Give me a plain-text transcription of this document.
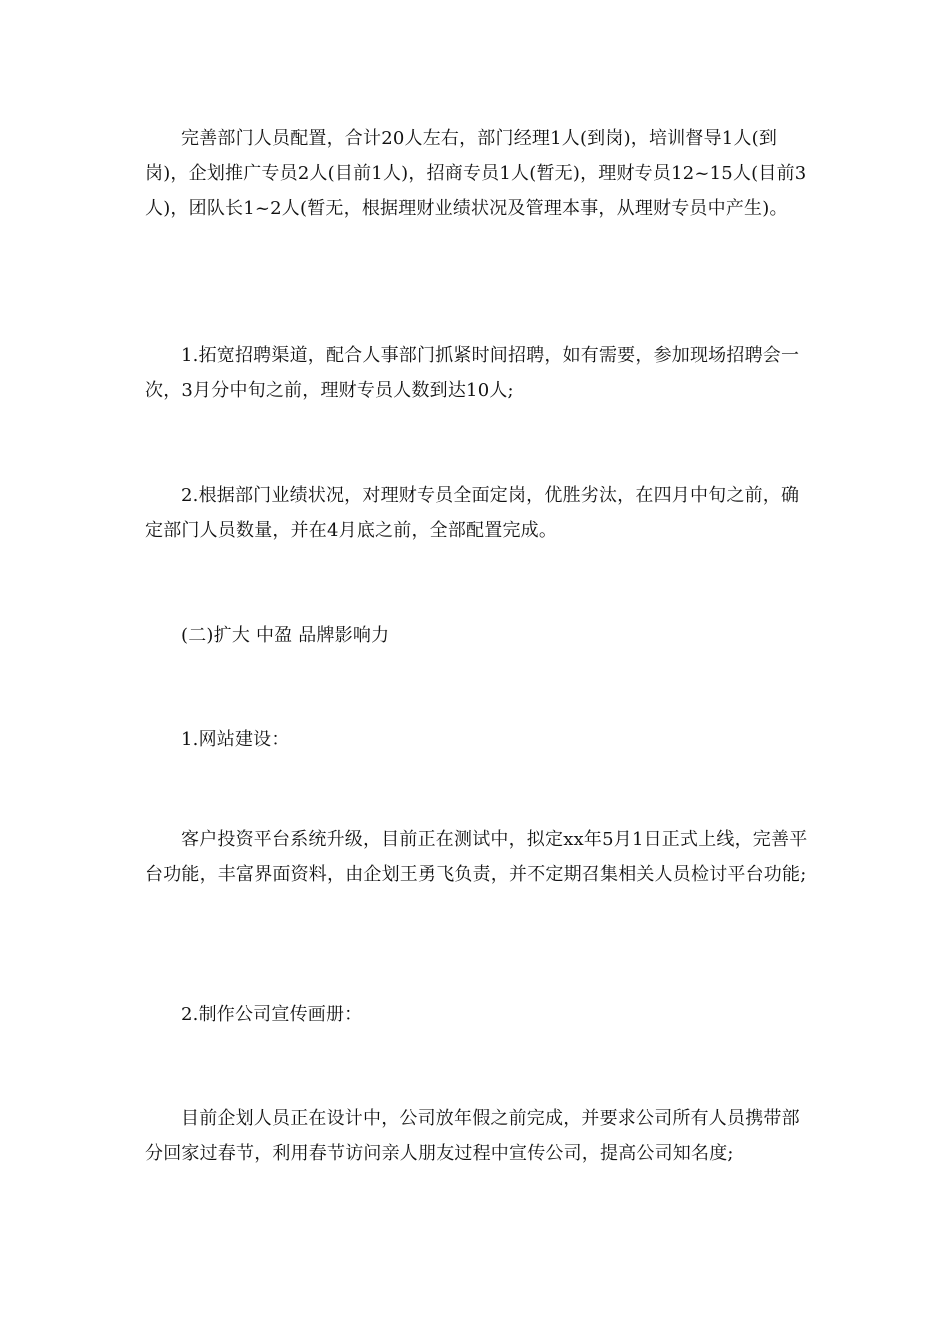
完善部门人员配置，合计20人左右，部门经理1人(到岗)，培训督导1人(到岗)，企划推广专员2人(目前1人)，招商专员1人(暂无)，理财专员12~15人(目前3人)，团队长1~2人(暂无，根据理财业绩状况及管理本事，从理财专员中产生)。

1.拓宽招聘渠道，配合人事部门抓紧时间招聘，如有需要，参加现场招聘会一次，3月分中旬之前，理财专员人数到达10人;

2.根据部门业绩状况，对理财专员全面定岗，优胜劣汰，在四月中旬之前，确定部门人员数量，并在4月底之前，全部配置完成。

(二)扩大 中盈 品牌影响力

1.网站建设：

客户投资平台系统升级，目前正在测试中，拟定xx年5月1日正式上线，完善平台功能，丰富界面资料，由企划王勇飞负责，并不定期召集相关人员检讨平台功能;

2.制作公司宣传画册：

目前企划人员正在设计中，公司放年假之前完成，并要求公司所有人员携带部分回家过春节，利用春节访问亲人朋友过程中宣传公司，提高公司知名度;
